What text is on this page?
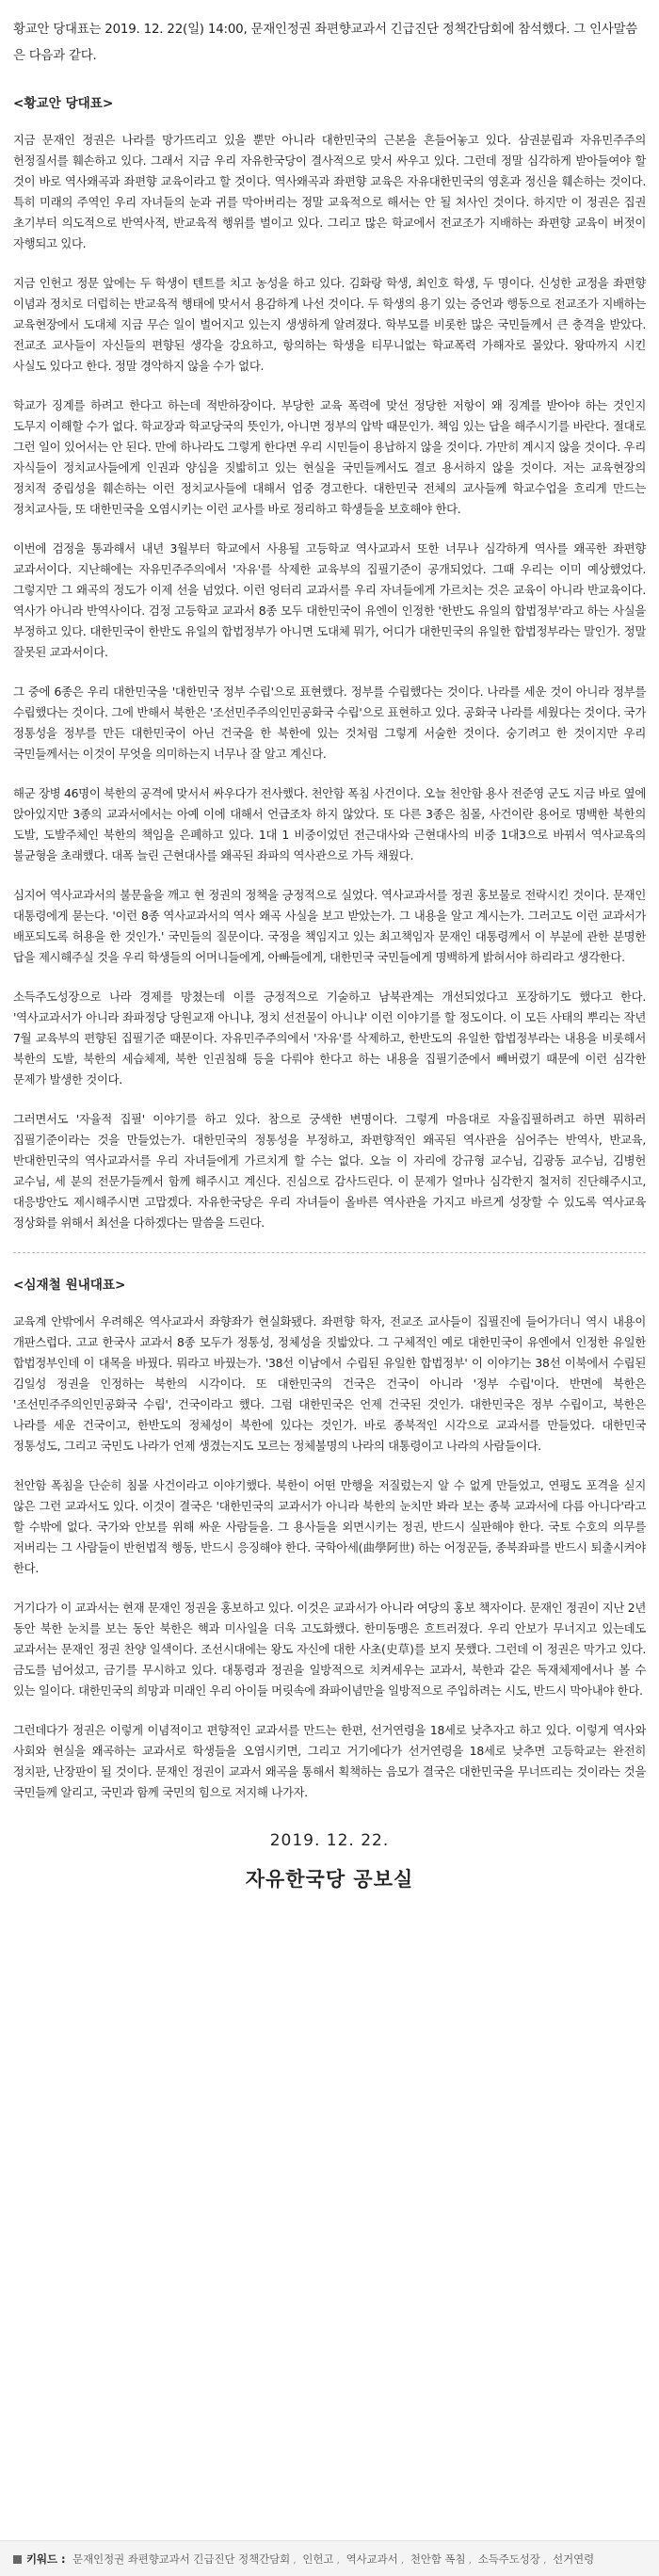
황교안 당대표는 2019. 12. 22(일) 14:00, 문재인정권 좌편향교과서 긴급진단 정책간담회에 참석했다. 그 인사말씀은 다음과 같다.

<황교안 당대표>

지금 문재인 정권은 나라를 망가뜨리고 있을 뿐만 아니라 대한민국의 근본을 흔들어놓고 있다. 삼권분립과 자유민주주의 헌정질서를 훼손하고 있다. 그래서 지금 우리 자유한국당이 결사적으로 맞서 싸우고 있다. 그런데 정말 심각하게 받아들여야 할 것이 바로 역사왜곡과 좌편향 교육이라고 할 것이다. 역사왜곡과 좌편향 교육은 자유대한민국의 영혼과 정신을 훼손하는 것이다. 특히 미래의 주역인 우리 자녀들의 눈과 귀를 막아버리는 정말 교육적으로 해서는 안 될 처사인 것이다. 하지만 이 정권은 집권 초기부터 의도적으로 반역사적, 반교육적 행위를 벌이고 있다. 그리고 많은 학교에서 전교조가 지배하는 좌편향 교육이 버젓이 자행되고 있다.

지금 인헌고 정문 앞에는 두 학생이 텐트를 치고 농성을 하고 있다. 김화랑 학생, 최인호 학생, 두 명이다. 신성한 교정을 좌편향 이념과 정치로 더럽히는 반교육적 행태에 맞서서 용감하게 나선 것이다. 두 학생의 용기 있는 증언과 행동으로 전교조가 지배하는 교육현장에서 도대체 지금 무슨 일이 벌어지고 있는지 생생하게 알려졌다. 학부모를 비롯한 많은 국민들께서 큰 충격을 받았다. 전교조 교사들이 자신들의 편향된 생각을 강요하고, 항의하는 학생을 티무니없는 학교폭력 가해자로 몰았다. 왕따까지 시킨 사실도 있다고 한다. 정말 경악하지 않을 수가 없다.

학교가 징계를 하려고 한다고 하는데 적반하장이다. 부당한 교육 폭력에 맞선 정당한 저항이 왜 징계를 받아야 하는 것인지 도무지 이해할 수가 없다. 학교장과 학교당국의 뜻인가, 아니면 정부의 압박 때문인가. 책임 있는 답을 해주시기를 바란다. 절대로 그런 일이 있어서는 안 된다. 만에 하나라도 그렇게 한다면 우리 시민들이 용납하지 않을 것이다. 가만히 계시지 않을 것이다. 우리 자식들이 정치교사들에게 인권과 양심을 짓밟히고 있는 현실을 국민들께서도 결코 용서하지 않을 것이다. 저는 교육현장의 정치적 중립성을 훼손하는 이런 정치교사들에 대해서 엄중 경고한다. 대한민국 전체의 교사들께 학교수업을 흐리게 만드는 정치교사들, 또 대한민국을 오염시키는 이런 교사를 바로 정리하고 학생들을 보호해야 한다.

이번에 검정을 통과해서 내년 3월부터 학교에서 사용될 고등학교 역사교과서 또한 너무나 심각하게 역사를 왜곡한 좌편향 교과서이다. 지난해에는 자유민주주의에서 '자유'를 삭제한 교육부의 집필기준이 공개되었다. 그때 우리는 이미 예상했었다. 그렇지만 그 왜곡의 정도가 이제 선을 넘었다. 이런 엉터리 교과서를 우리 자녀들에게 가르치는 것은 교육이 아니라 반교육이다. 역사가 아니라 반역사이다. 검정 고등학교 교과서 8종 모두 대한민국이 유엔이 인정한 '한반도 유일의 합법정부'라고 하는 사실을 부정하고 있다. 대한민국이 한반도 유일의 합법정부가 아니면 도대체 뭐가, 어디가 대한민국의 유일한 합법정부라는 말인가. 정말 잘못된 교과서이다.

그 중에 6종은 우리 대한민국을 '대한민국 정부 수립'으로 표현했다. 정부를 수립했다는 것이다. 나라를 세운 것이 아니라 정부를 수립했다는 것이다. 그에 반해서 북한은 '조선민주주의인민공화국 수립'으로 표현하고 있다. 공화국 나라를 세웠다는 것이다. 국가 정통성을 정부를 만든 대한민국이 아닌 건국을 한 북한에 있는 것처럼 그렇게 서술한 것이다. 숭기려고 한 것이지만 우리 국민들께서는 이것이 무엇을 의미하는지 너무나 잘 알고 계신다.

해군 장병 46명이 북한의 공격에 맞서서 싸우다가 전사했다. 천안함 폭침 사건이다. 오늘 천안함 용사 전준영 군도 지금 바로 옆에 앉아있지만 3종의 교과서에서는 아예 이에 대해서 언급조차 하지 않았다. 또 다른 3종은 침몰, 사건이란 용어로 명백한 북한의 도발, 도발주체인 북한의 책임을 은폐하고 있다. 1대 1 비중이었던 전근대사와 근현대사의 비중 1대3으로 바꿔서 역사교육의 불균형을 초래했다. 대폭 늘린 근현대사를 왜곡된 좌파의 역사관으로 가득 채웠다.

심지어 역사교과서의 불문율을 깨고 현 정권의 정책을 긍정적으로 실었다. 역사교과서를 정권 홍보물로 전락시킨 것이다. 문재인 대통령에게 묻는다. '이런 8종 역사교과서의 역사 왜곡 사실을 보고 받았는가. 그 내용을 알고 계시는가. 그러고도 이런 교과서가 배포되도록 허용을 한 것인가.' 국민들의 질문이다. 국정을 책임지고 있는 최고책임자 문재인 대통령께서 이 부분에 관한 분명한 답을 제시해주실 것을 우리 학생들의 어머니들에게, 아빠들에게, 대한민국 국민들에게 명백하게 밝혀서야 하리라고 생각한다.

소득주도성장으로 나라 경제를 망쳤는데 이를 긍정적으로 기술하고 남북관계는 개선되었다고 포장하기도 했다고 한다. '역사교과서가 아니라 좌파정당 당원교재 아니냐, 정치 선전물이 아니냐' 이런 이야기를 할 정도이다. 이 모든 사태의 뿌리는 작년 7월 교육부의 편향된 집필기준 때문이다. 자유민주주의에서 '자유'를 삭제하고, 한반도의 유일한 합법정부라는 내용을 비롯해서 북한의 도발, 북한의 세습체제, 북한 인권침해 등을 다뤄야 한다고 하는 내용을 집필기준에서 빼버렸기 때문에 이런 심각한 문제가 발생한 것이다.

그러면서도 '자율적 집필' 이야기를 하고 있다. 참으로 궁색한 변명이다. 그렇게 마음대로 자율집필하려고 하면 뭐하러 집필기준이라는 것을 만들었는가. 대한민국의 정통성을 부정하고, 좌편향적인 왜곡된 역사관을 심어주는 반역사, 반교육, 반대한민국의 역사교과서를 우리 자녀들에게 가르치게 할 수는 없다. 오늘 이 자리에 강규형 교수님, 김광동 교수님, 김병헌 교수님, 세 분의 전문가들께서 함께 해주시고 계신다. 진심으로 감사드린다. 이 문제가 얼마나 심각한지 철저히 진단해주시고, 대응방안도 제시해주시면 고맙겠다. 자유한국당은 우리 자녀들이 올바른 역사관을 가지고 바르게 성장할 수 있도록 역사교육 정상화를 위해서 최선을 다하겠다는 말씀을 드린다.

<심재철 원내대표>

교육계 안밖에서 우려해온 역사교과서 좌향좌가 현실화됐다. 좌편향 학자, 전교조 교사들이 집필진에 들어가더니 역시 내용이 개판스럽다. 고교 한국사 교과서 8종 모두가 정통성, 정체성을 짓밟았다. 그 구체적인 예로 대한민국이 유엔에서 인정한 유일한 합법정부인데 이 대목을 바꿨다. 뭐라고 바꿨는가. '38선 이남에서 수립된 유일한 합법정부' 이 이야기는 38선 이북에서 수립된 김일성 정권을 인정하는 북한의 시각이다. 또 대한민국의 건국은 건국이 아니라 '정부 수립'이다. 반면에 북한은 '조선민주주의인민공화국 수립', 건국이라고 했다. 그럼 대한민국은 언제 건국된 것인가. 대한민국은 정부 수립이고, 북한은 나라를 세운 건국이고, 한반도의 정체성이 북한에 있다는 것인가. 바로 종북적인 시각으로 교과서를 만들었다. 대한민국 정통성도, 그리고 국민도 나라가 언제 생겼는지도 모르는 정체불명의 나라의 대통령이고 나라의 사람들이다.

천안함 폭침을 단순히 침몰 사건이라고 이야기했다. 북한이 어떤 만행을 저질렀는지 알 수 없게 만들었고, 연평도 포격을 싣지 않은 그런 교과서도 있다. 이것이 결국은 '대한민국의 교과서가 아니라 북한의 눈치만 봐라 보는 종북 교과서에 다름 아니다'라고 할 수밖에 없다. 국가와 안보를 위해 싸운 사람들을. 그 용사들을 외면시키는 정권, 반드시 실판해야 한다. 국토 수호의 의무를 저버리는 그 사람들이 반헌법적 행동, 반드시 응징해야 한다. 국학아세(曲學阿世) 하는 어정꾼들, 종북좌파를 반드시 퇴출시켜야 한다.

거기다가 이 교과서는 현재 문재인 정권을 홍보하고 있다. 이것은 교과서가 아니라 여당의 홍보 책자이다. 문재인 정권이 지난 2년 동안 북한 눈치를 보는 동안 북한은 핵과 미사일을 더욱 고도화했다. 한미동맹은 흐트러졌다. 우리 안보가 무너지고 있는데도 교과서는 문재인 정권 찬양 일색이다. 조선시대에는 왕도 자신에 대한 사초(史草)를 보지 못했다. 그런데 이 정권은 막가고 있다. 금도를 넘어섰고, 금기를 무시하고 있다. 대통령과 정권을 일방적으로 치켜세우는 교과서, 북한과 같은 독재체제에서나 볼 수 있는 일이다. 대한민국의 희망과 미래인 우리 아이들 머릿속에 좌파이념만을 일방적으로 주입하려는 시도, 반드시 막아내야 한다.

그런데다가 정권은 이렇게 이념적이고 편향적인 교과서를 만드는 한편, 선거연령을 18세로 낮추자고 하고 있다. 이렇게 역사와 사회와 현실을 왜곡하는 교과서로 학생들을 오염시키면, 그리고 거기에다가 선거연령을 18세로 낮추면 고등학교는 완전히 정치판, 난장판이 될 것이다. 문재인 정권이 교과서 왜곡을 통해서 획책하는 음모가 결국은 대한민국을 무너뜨리는 것이라는 것을 국민들께 알리고, 국민과 함께 국민의 힘으로 저지해 나가자.

2019. 12. 22.
자유한국당 공보실
키워드 : 문재인정권 좌편향교과서 긴급진단 정책간담회 , 인헌고 , 역사교과서 , 천안함 폭침 , 소득주도성장 , 선거연령
